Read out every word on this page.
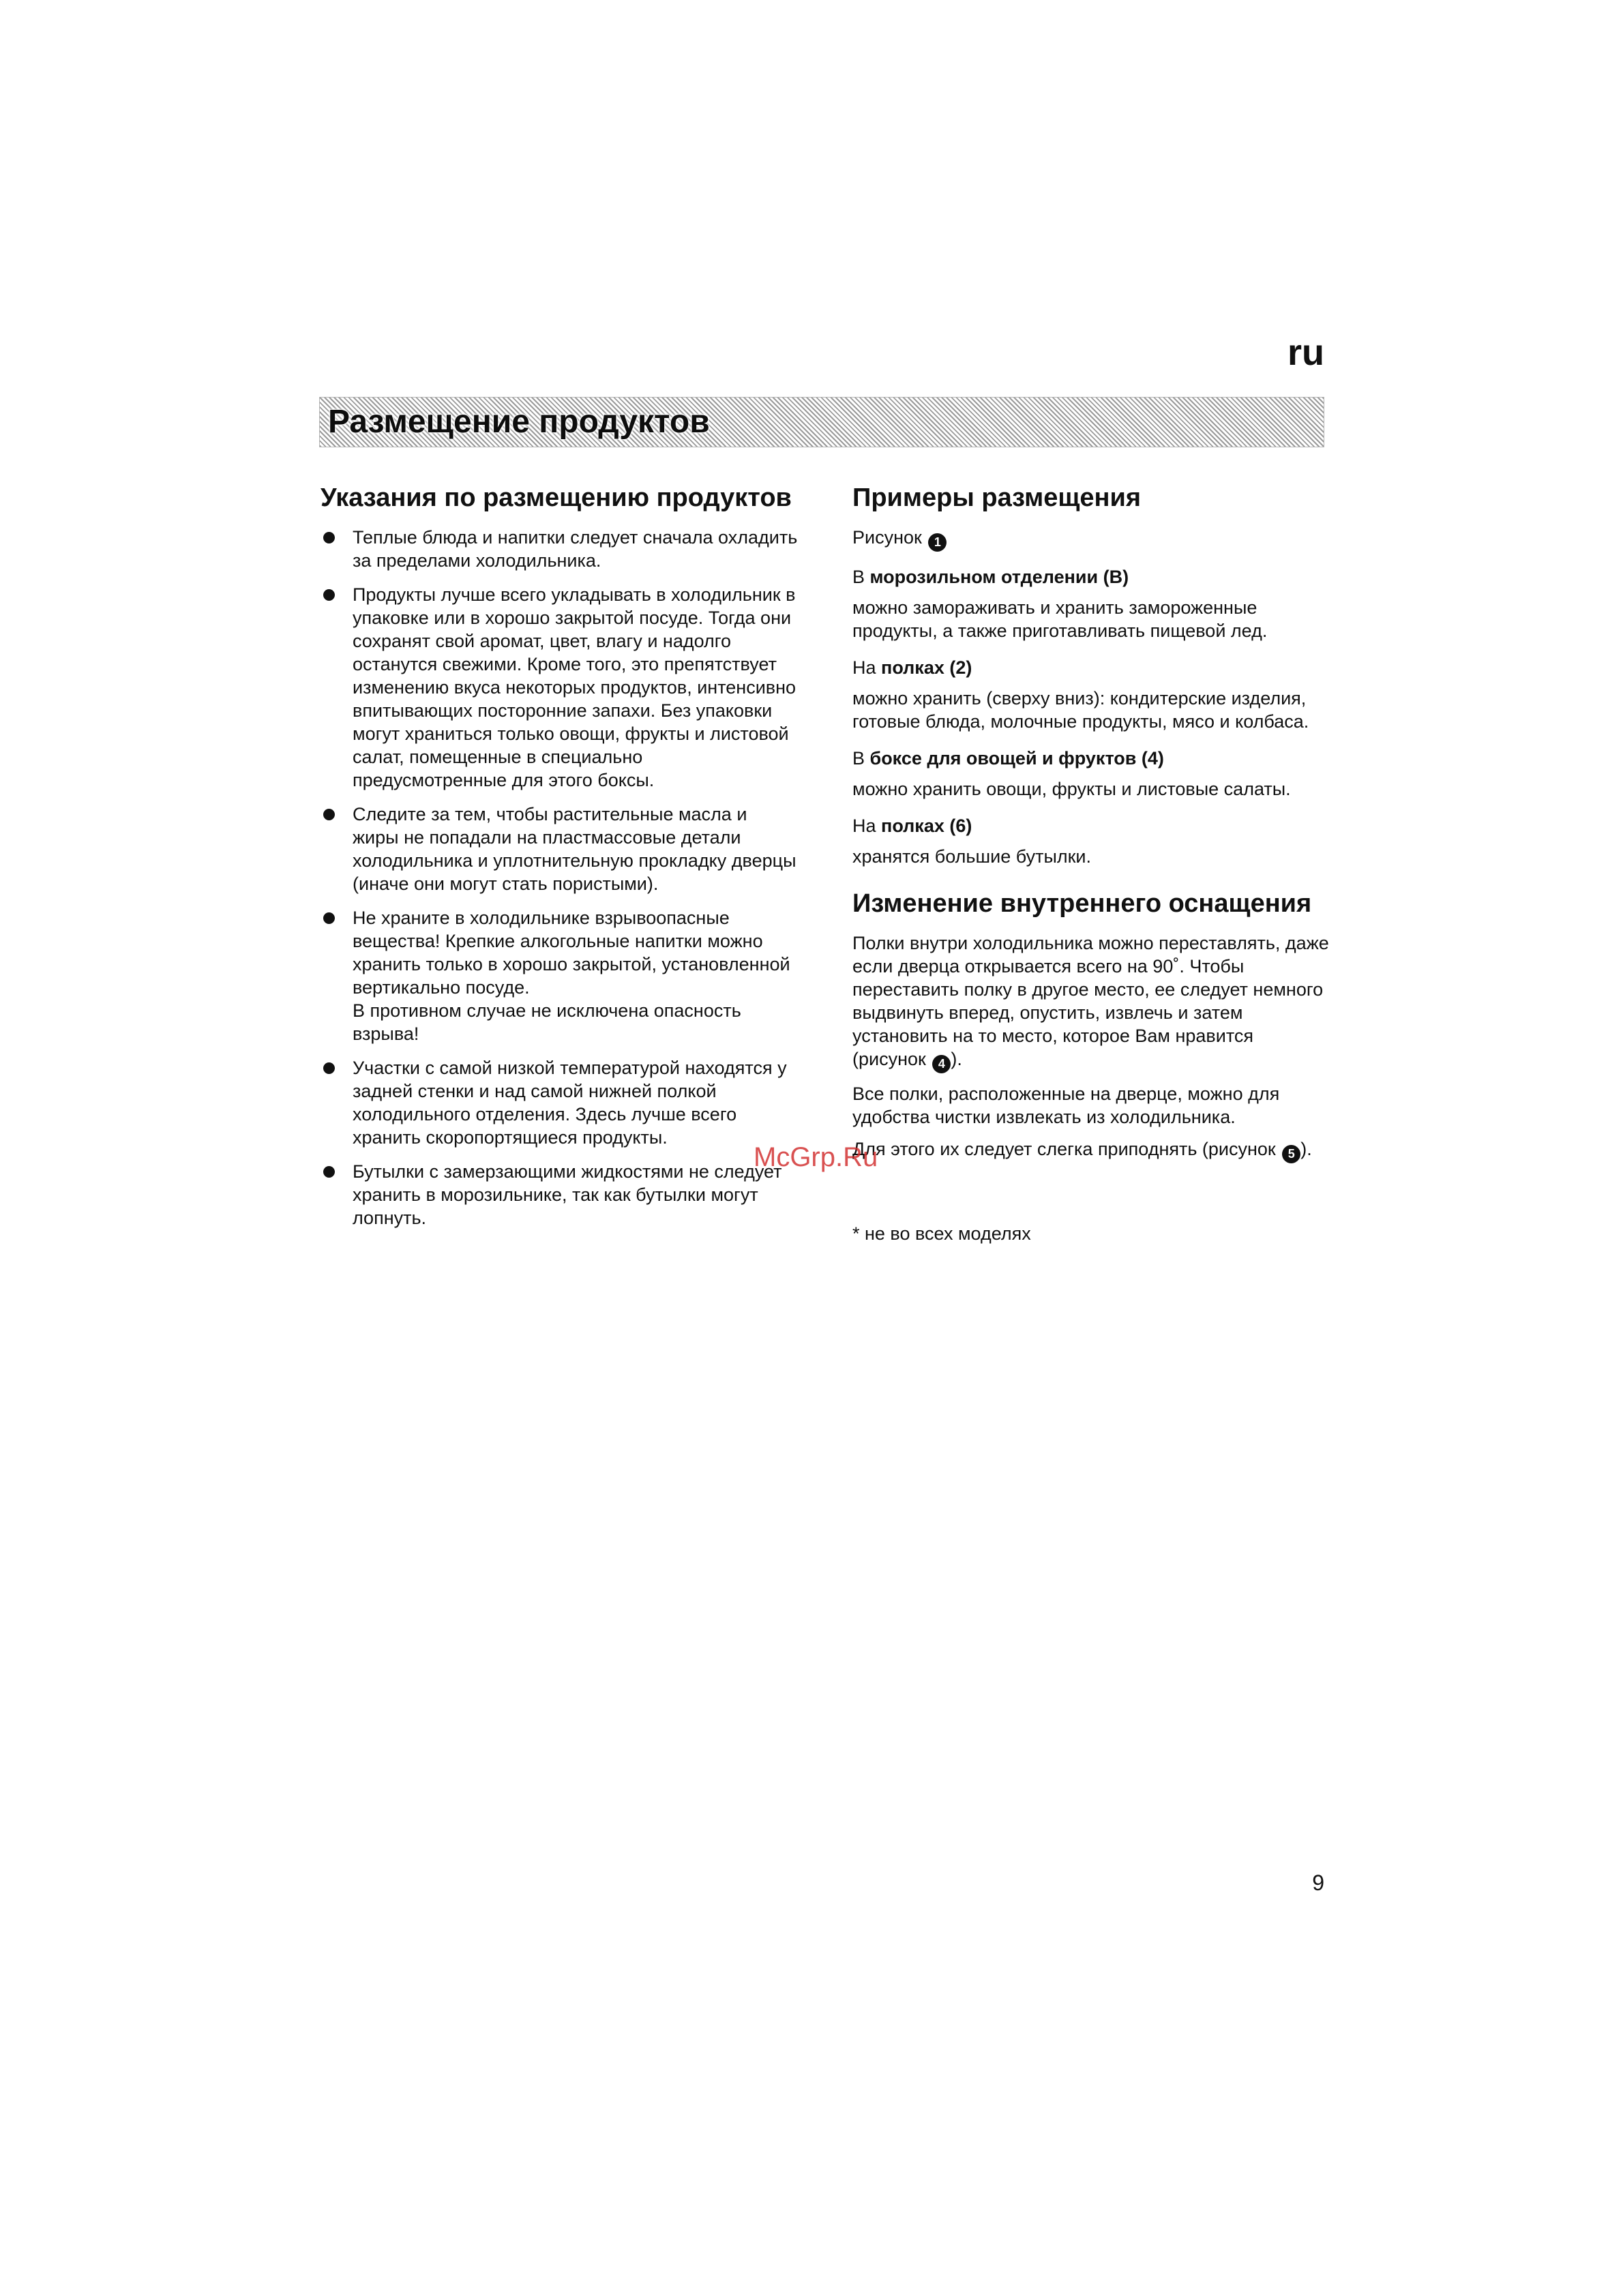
ru
Размещение продуктов
Указания по размещению продуктов
Теплые блюда и напитки следует сначала охладить за пределами холодильника.
Продукты лучше всего укладывать в холодильник в упаковке или в хорошо закрытой посуде. Тогда они сохранят свой аромат, цвет, влагу и надолго останутся свежими. Кроме того, это препятствует изменению вкуса некоторых продуктов, интенсивно впитывающих посторонние запахи. Без упаковки могут храниться только овощи, фрукты и листовой салат, помещенные в специально предусмотренные для этого боксы.
Следите за тем, чтобы растительные масла и жиры не попадали на пластмассовые детали холодильника и уплотнительную прокладку дверцы (иначе они могут стать пористыми).
Не храните в холодильнике взрывоопасные вещества! Крепкие алкогольные напитки можно хранить только в хорошо закрытой, установленной вертикально посуде.
В противном случае не исключена опасность взрыва!
Участки с самой низкой температурой находятся у задней стенки и над самой нижней полкой холодильного отделения. Здесь лучше всего хранить скоропортящиеся продукты.
Бутылки с замерзающими жидкостями не следует хранить в морозильнике, так как бутылки могут лопнуть.
Примеры размещения

Рисунок 1

В морозильном отделении (B)

можно замораживать и хранить замороженные продукты, а также приготавливать пищевой лед.

На полках (2)

можно хранить (сверху вниз): кондитерские изделия, готовые блюда, молочные продукты, мясо и колбаса.

В боксе для овощей и фруктов (4)

можно хранить овощи, фрукты и листовые салаты.

На полках (6)

хранятся большие бутылки.

Изменение внутреннего оснащения

Полки внутри холодильника можно переставлять, даже если дверца открывается всего на 90˚. Чтобы переставить полку в другое место, ее следует немного выдвинуть вперед, опустить, извлечь и затем установить на то место, которое Вам нравится (рисунок 4 ).

Все полки, расположенные на дверце, можно для удобства чистки извлекать из холодильника.

Для этого их следует слегка приподнять (рисунок 5 ).

* не во всех моделях

McGrp.Ru
9
